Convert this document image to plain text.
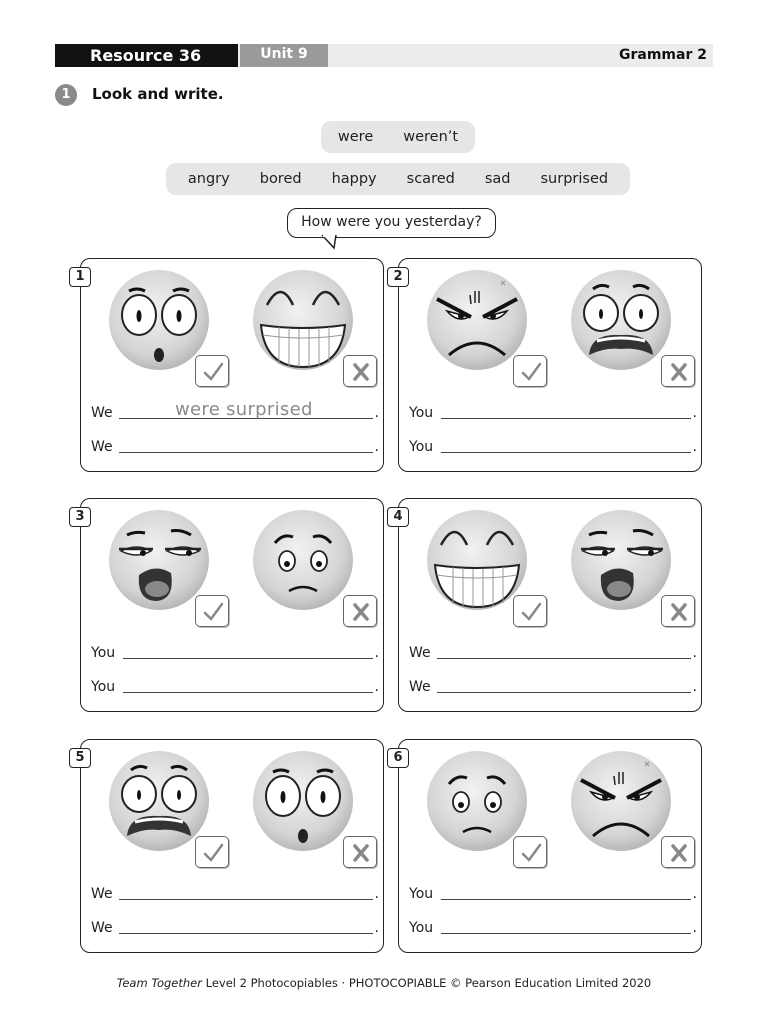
Resource 36	Unit 9	Grammar 2
1	Look and write.
were	weren’t
angry	bored	happy	scared	sad	surprised
How were you yesterday?
1
We	were surprised	.
We	.
2
You	.
You	.
3
You	.
You	.
4
We	.
We	.
5
We	.
We	.
6
You	.
You	.
Team Together Level 2 Photocopiables · PHOTOCOPIABLE © Pearson Education Limited 2020
